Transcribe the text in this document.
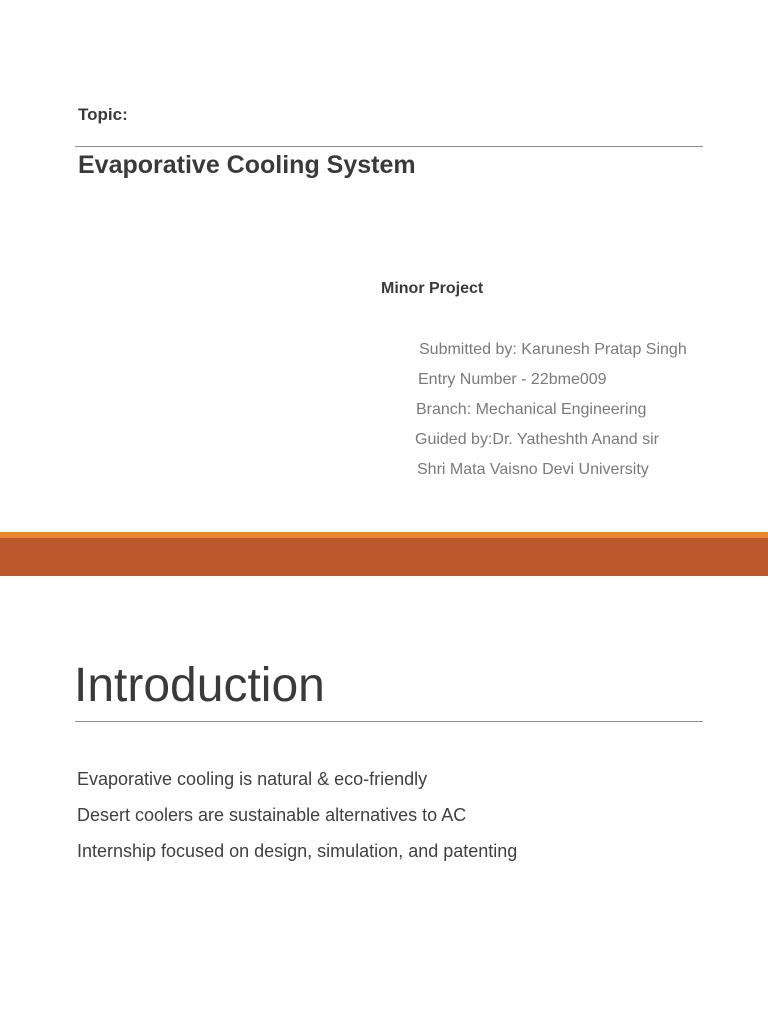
Topic:
Evaporative Cooling System
Minor Project
Submitted by: Karunesh Pratap Singh
Entry Number - 22bme009
Branch: Mechanical Engineering
Guided by:Dr. Yatheshth Anand sir
Shri Mata Vaisno Devi University
Introduction
Evaporative cooling is natural & eco-friendly
Desert coolers are sustainable alternatives to AC
Internship focused on design, simulation, and patenting
